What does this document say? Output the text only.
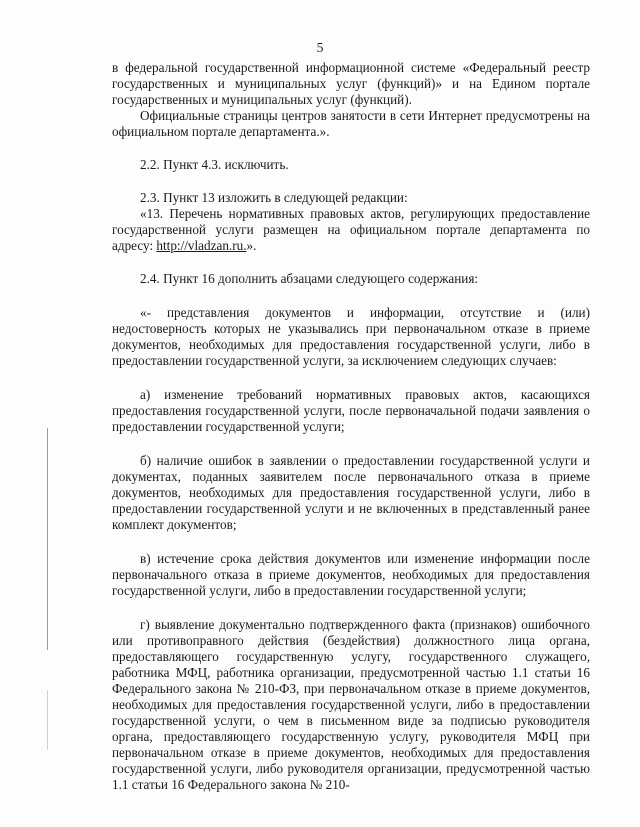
5

в федеральной государственной информационной системе «Федеральный реестр государственных и муниципальных услуг (функций)» и на Едином портале государственных и муниципальных услуг (функций).

Официальные страницы центров занятости в сети Интернет предусмотрены на официальном портале департамента.».

2.2. Пункт 4.3. исключить.

2.3. Пункт 13 изложить в следующей редакции:

«13. Перечень нормативных правовых актов, регулирующих предоставление государственной услуги размещен на официальном портале департамента по адресу: http://vladzan.ru.».

2.4. Пункт 16 дополнить абзацами следующего содержания:

«- представления документов и информации, отсутствие и (или) недостоверность которых не указывались при первоначальном отказе в приеме документов, необходимых для предоставления государственной услуги, либо в предоставлении государственной услуги, за исключением следующих случаев:

а) изменение требований нормативных правовых актов, касающихся предоставления государственной услуги, после первоначальной подачи заявления о предоставлении государственной услуги;

б) наличие ошибок в заявлении о предоставлении государственной услуги и документах, поданных заявителем после первоначального отказа в приеме документов, необходимых для предоставления государственной услуги, либо в предоставлении государственной услуги и не включенных в представленный ранее комплект документов;

в) истечение срока действия документов или изменение информации после первоначального отказа в приеме документов, необходимых для предоставления государственной услуги, либо в предоставлении государственной услуги;

г) выявление документально подтвержденного факта (признаков) ошибочного или противоправного действия (бездействия) должностного лица органа, предоставляющего государственную услугу, государственного служащего, работника МФЦ, работника организации, предусмотренной частью 1.1 статьи 16 Федерального закона № 210-ФЗ, при первоначальном отказе в приеме документов, необходимых для предоставления государственной услуги, либо в предоставлении государственной услуги, о чем в письменном виде за подписью руководителя органа, предоставляющего государственную услугу, руководителя МФЦ при первоначальном отказе в приеме документов, необходимых для предоставления государственной услуги, либо руководителя организации, предусмотренной частью 1.1 статьи 16 Федерального закона № 210-
